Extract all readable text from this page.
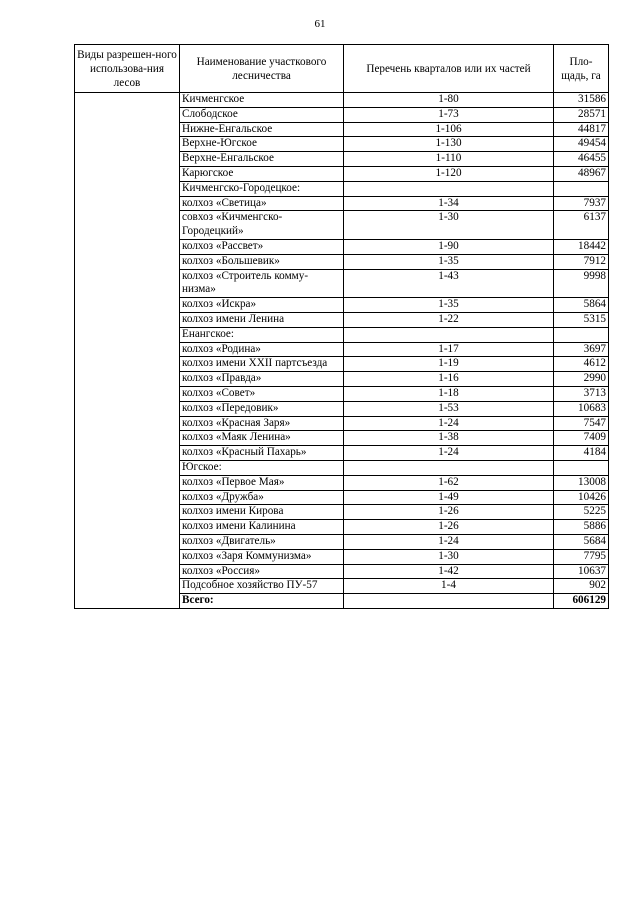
61
Виды разрешен-ного использова-ния лесов	Наименование участкового лесничества	Перечень кварталов или их частей	Пло-щадь, га
	Кичменгское	1-80	31586
	Слободское	1-73	28571
	Нижне-Енгальское	1-106	44817
	Верхне-Югское	1-130	49454
	Верхне-Енгальское	1-110	46455
	Карюгское	1-120	48967
	Кичменгско-Городецкое:		
	колхоз «Светица»	1-34	7937
	совхоз «Кичменгско-Городецкий»	1-30	6137
	колхоз «Рассвет»	1-90	18442
	колхоз «Большевик»	1-35	7912
	колхоз «Строитель комму-низма»	1-43	9998
	колхоз «Искра»	1-35	5864
	колхоз имени Ленина	1-22	5315
	Енангское:		
	колхоз «Родина»	1-17	3697
	колхоз имени XXII партсъезда	1-19	4612
	колхоз «Правда»	1-16	2990
	колхоз «Совет»	1-18	3713
	колхоз «Передовик»	1-53	10683
	колхоз «Красная Заря»	1-24	7547
	колхоз «Маяк Ленина»	1-38	7409
	колхоз «Красный Пахарь»	1-24	4184
	Югское:		
	колхоз «Первое Мая»	1-62	13008
	колхоз «Дружба»	1-49	10426
	колхоз имени Кирова	1-26	5225
	колхоз имени Калинина	1-26	5886
	колхоз «Двигатель»	1-24	5684
	колхоз «Заря Коммунизма»	1-30	7795
	колхоз «Россия»	1-42	10637
	Подсобное хозяйство ПУ-57	1-4	902
	Всего:		606129
